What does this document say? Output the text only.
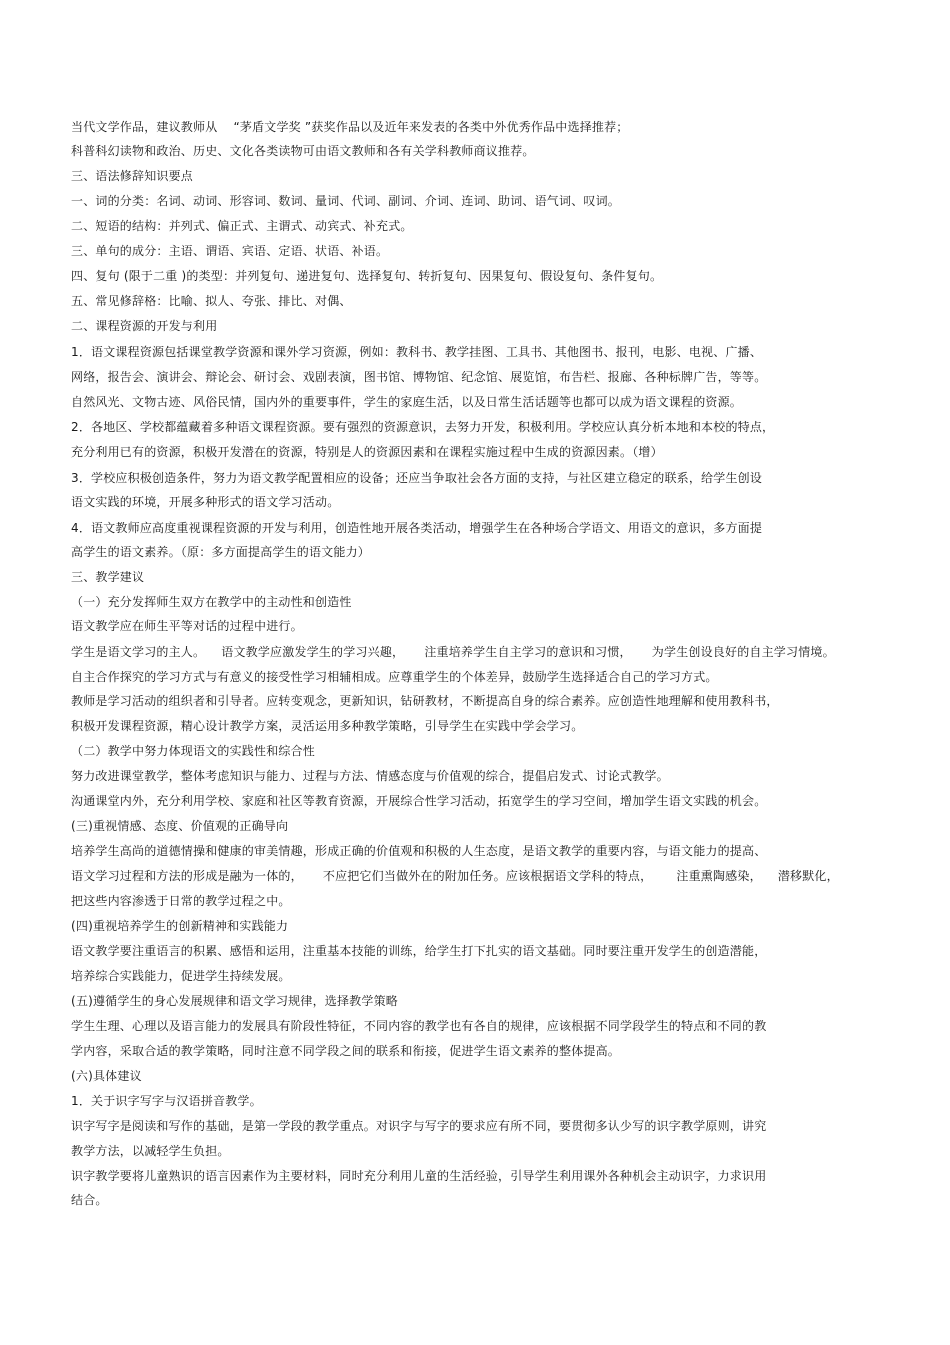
当代文学作品，建议教师从    “茅盾文学奖 ”获奖作品以及近年来发表的各类中外优秀作品中选择推荐；
科普科幻读物和政治、历史、文化各类读物可由语文教师和各有关学科教师商议推荐。
三、语法修辞知识要点
一、词的分类：名词、动词、形容词、数词、量词、代词、副词、介词、连词、助词、语气词、叹词。
二、短语的结构：并列式、偏正式、主谓式、动宾式、补充式。
三、单句的成分：主语、谓语、宾语、定语、状语、补语。
四、复句 (限于二重 )的类型：并列复句、递进复句、选择复句、转折复句、因果复句、假设复句、条件复句。
五、常见修辞格：比喻、拟人、夸张、排比、对偶、
二、课程资源的开发与利用
1．语文课程资源包括课堂教学资源和课外学习资源，例如：教科书、教学挂图、工具书、其他图书、报刊，电影、电视、广播、
网络，报告会、演讲会、辩论会、研讨会、戏剧表演，图书馆、博物馆、纪念馆、展览馆，布告栏、报廊、各种标牌广告，等等。
自然风光、文物古迹、风俗民情，国内外的重要事件，学生的家庭生活，以及日常生活话题等也都可以成为语文课程的资源。
2．各地区、学校都蕴藏着多种语文课程资源。要有强烈的资源意识，去努力开发，积极利用。学校应认真分析本地和本校的特点，
充分利用已有的资源，积极开发潜在的资源，特别是人的资源因素和在课程实施过程中生成的资源因素。（增）
3．学校应积极创造条件，努力为语文教学配置相应的设备；还应当争取社会各方面的支持，与社区建立稳定的联系，给学生创设
语文实践的环境，开展多种形式的语文学习活动。
4．语文教师应高度重视课程资源的开发与利用，创造性地开展各类活动，增强学生在各种场合学语文、用语文的意识，多方面提
高学生的语文素养。（原：多方面提高学生的语文能力）
三、教学建议
（一）充分发挥师生双方在教学中的主动性和创造性
语文教学应在师生平等对话的过程中进行。
学生是语文学习的主人。    语文教学应激发学生的学习兴趣，     注重培养学生自主学习的意识和习惯，     为学生创设良好的自主学习情境。
自主合作探究的学习方式与有意义的接受性学习相辅相成。应尊重学生的个体差异，鼓励学生选择适合自己的学习方式。
教师是学习活动的组织者和引导者。应转变观念，更新知识，钻研教材，不断提高自身的综合素养。应创造性地理解和使用教科书，
积极开发课程资源，精心设计教学方案，灵活运用多种教学策略，引导学生在实践中学会学习。
（二）教学中努力体现语文的实践性和综合性
努力改进课堂教学，整体考虑知识与能力、过程与方法、情感态度与价值观的综合，提倡启发式、讨论式教学。
沟通课堂内外，充分利用学校、家庭和社区等教育资源，开展综合性学习活动，拓宽学生的学习空间，增加学生语文实践的机会。
(三)重视情感、态度、价值观的正确导向
培养学生高尚的道德情操和健康的审美情趣，形成正确的价值观和积极的人生态度，是语文教学的重要内容，与语文能力的提高、
语文学习过程和方法的形成是融为一体的，     不应把它们当做外在的附加任务。应该根据语文学科的特点，      注重熏陶感染，    潜移默化，
把这些内容渗透于日常的教学过程之中。
(四)重视培养学生的创新精神和实践能力
语文教学要注重语言的积累、感悟和运用，注重基本技能的训练，给学生打下扎实的语文基础。同时要注重开发学生的创造潜能，
培养综合实践能力，促进学生持续发展。
(五)遵循学生的身心发展规律和语文学习规律，选择教学策略
学生生理、心理以及语言能力的发展具有阶段性特征，不同内容的教学也有各自的规律，应该根据不同学段学生的特点和不同的教
学内容，采取合适的教学策略，同时注意不同学段之间的联系和衔接，促进学生语文素养的整体提高。
(六)具体建议
1．关于识字写字与汉语拼音教学。
识字写字是阅读和写作的基础，是第一学段的教学重点。对识字与写字的要求应有所不同，要贯彻多认少写的识字教学原则，讲究
教学方法，以减轻学生负担。
识字教学要将儿童熟识的语言因素作为主要材料，同时充分利用儿童的生活经验，引导学生利用课外各种机会主动识字，力求识用
结合。
